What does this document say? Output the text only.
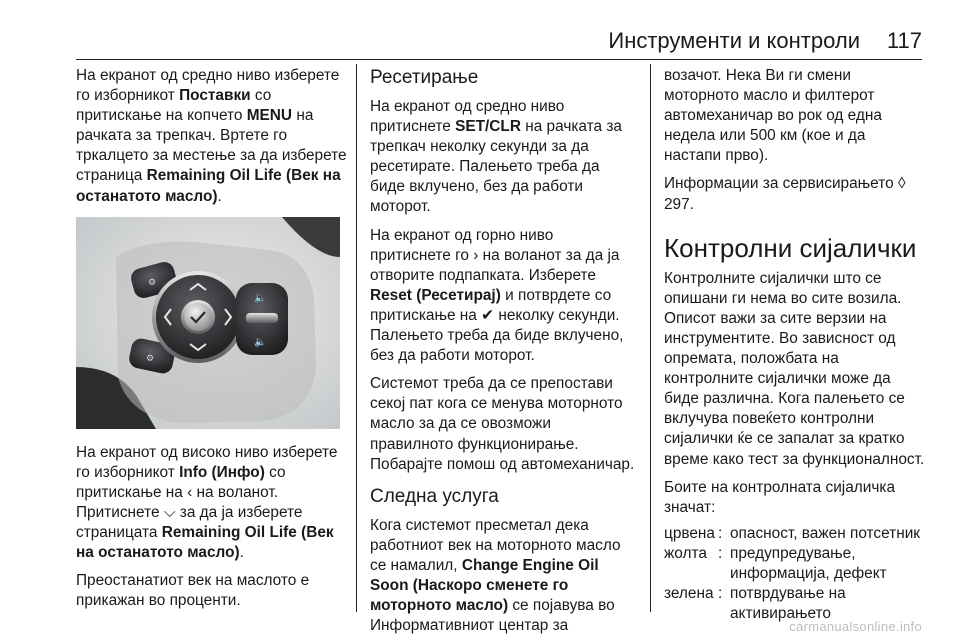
Инструменти и контроли 117

На екранот од средно ниво изберете го изборникот Поставки со притискање на копчето MENU на рачката за трепкач. Вртете го тркалцето за местење за да изберете страница Remaining Oil Life (Век на останатото масло).

⚙
⚙
🔈
🔈

На екранот од високо ниво изберете го изборникот Info (Инфо) со притискање на ‹ на воланот. Притиснете ⌵ за да ја изберете страницата Remaining Oil Life (Век на останатото масло).

Преостанатиот век на маслото е прикажан во проценти.

Ресетирање

На екранот од средно ниво притиснете SET/CLR на рачката за трепкач неколку секунди за да ресетирате. Палењето треба да биде вклучено, без да работи моторот.

На екранот од горно ниво притиснете го › на воланот за да ја отворите подпапката. Изберете Reset (Ресетирај) и потврдете со притискање на ✔ неколку секунди. Палењето треба да биде вклучено, без да работи моторот.

Системот треба да се препостави секој пат кога се менува моторното масло за да се овозможи правилното функционирање. Побарајте помош од автомеханичар.

Следна услуга

Кога системот пресметал дека работниот век на моторното масло се намалил, Change Engine Oil Soon (Наскоро сменете го моторното масло) се појавува во Информативниот центар за

возачот. Нека Ви ги смени моторното масло и филтерот автомеханичар во рок од една недела или 500 км (кое и да настапи прво).

Информации за сервисирањето ◊ 297.

Контролни сијалички

Контролните сијалички што се опишани ги нема во сите возила. Описот важи за сите верзии на инструментите. Во зависност од опремата, положбата на контролните сијалички може да биде различна. Кога палењето се вклучува повеќето контролни сијалички ќе се запалат за кратко време како тест за функционалност.

Боите на контролната сијаличка значат:

црвена : опасност, важен потсетник
жолта : предупредување, информација, дефект
зелена : потврдување на активирањето
carmanualsonline.info
